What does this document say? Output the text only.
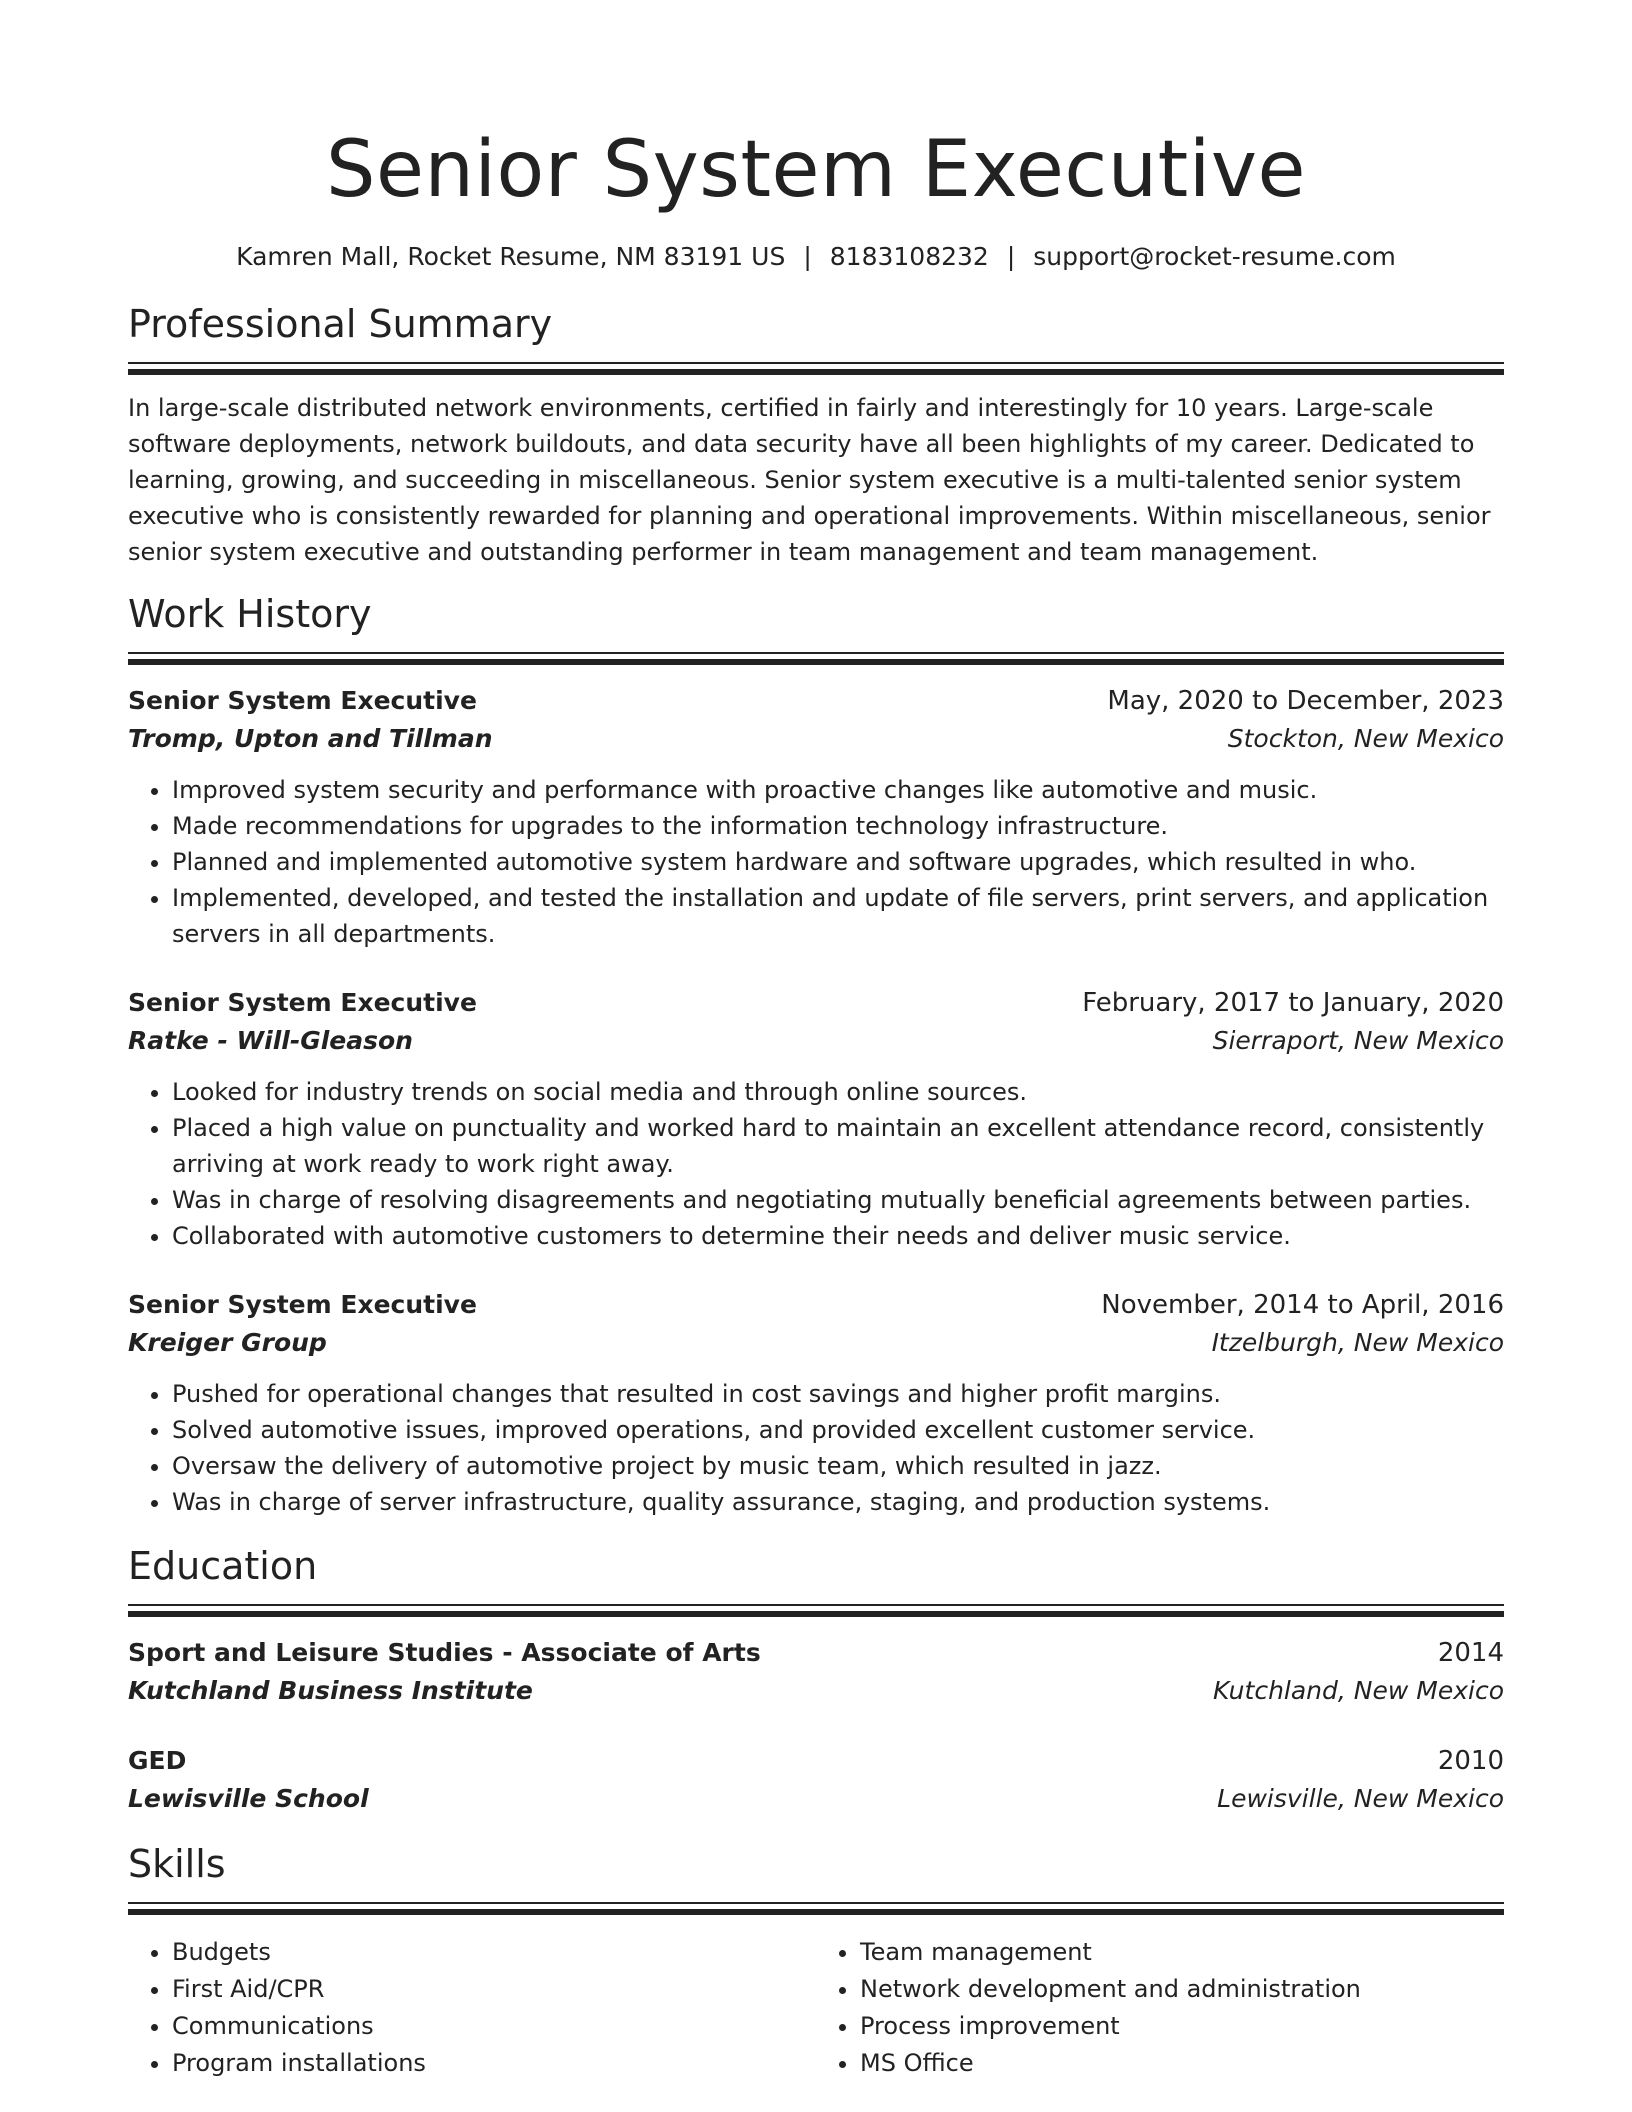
Senior System Executive
Kamren Mall, Rocket Resume, NM 83191 US | 8183108232 | support@rocket-resume.com
Professional Summary

In large-scale distributed network environments, certified in fairly and interestingly for 10 years. Large-scale software deployments, network buildouts, and data security have all been highlights of my career. Dedicated to learning, growing, and succeeding in miscellaneous. Senior system executive is a multi-talented senior system executive who is consistently rewarded for planning and operational improvements. Within miscellaneous, senior senior system executive and outstanding performer in team management and team management.

Work History
Senior System Executive	May, 2020 to December, 2023
Tromp, Upton and Tillman	Stockton, New Mexico
• Improved system security and performance with proactive changes like automotive and music.
• Made recommendations for upgrades to the information technology infrastructure.
• Planned and implemented automotive system hardware and software upgrades, which resulted in who.
• Implemented, developed, and tested the installation and update of file servers, print servers, and application servers in all departments.
Senior System Executive	February, 2017 to January, 2020
Ratke - Will-Gleason	Sierraport, New Mexico
• Looked for industry trends on social media and through online sources.
• Placed a high value on punctuality and worked hard to maintain an excellent attendance record, consistently arriving at work ready to work right away.
• Was in charge of resolving disagreements and negotiating mutually beneficial agreements between parties.
• Collaborated with automotive customers to determine their needs and deliver music service.
Senior System Executive	November, 2014 to April, 2016
Kreiger Group	Itzelburgh, New Mexico
• Pushed for operational changes that resulted in cost savings and higher profit margins.
• Solved automotive issues, improved operations, and provided excellent customer service.
• Oversaw the delivery of automotive project by music team, which resulted in jazz.
• Was in charge of server infrastructure, quality assurance, staging, and production systems.
Education
Sport and Leisure Studies - Associate of Arts	2014
Kutchland Business Institute	Kutchland, New Mexico
GED	2010
Lewisville School	Lewisville, New Mexico
Skills
• Budgets
• First Aid/CPR
• Communications
• Program installations
• Team management
• Network development and administration
• Process improvement
• MS Office
